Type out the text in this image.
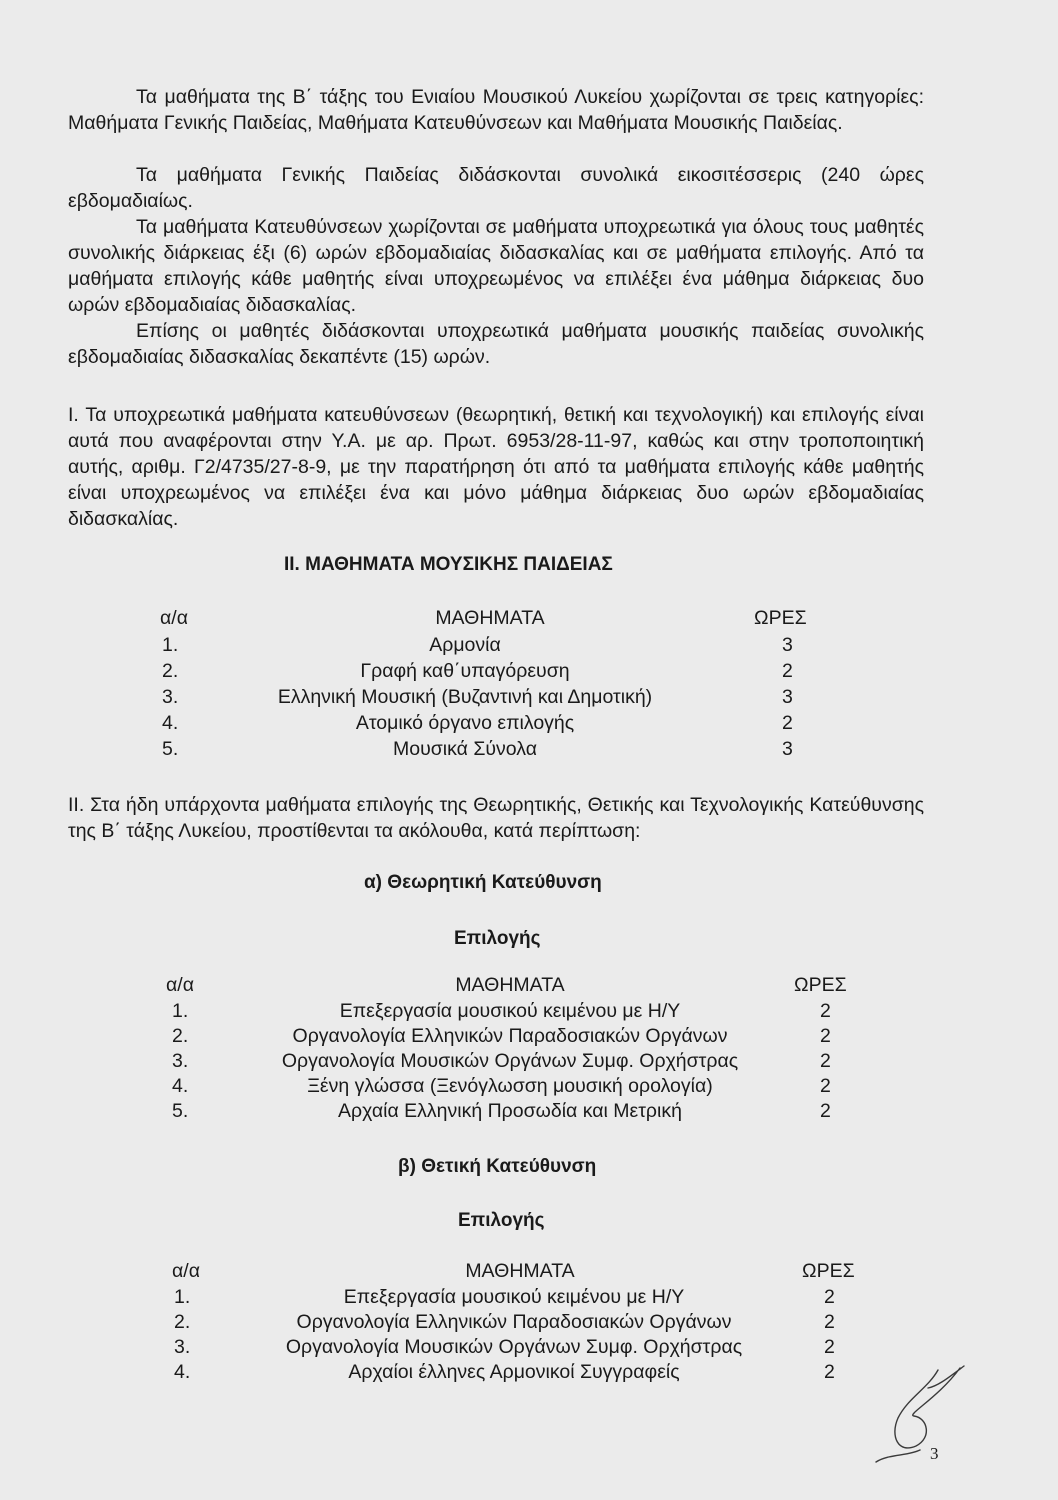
Τα μαθήματα της Β΄ τάξης του Ενιαίου Μουσικού Λυκείου χωρίζονται σε τρεις κατηγορίες: Μαθήματα Γενικής Παιδείας, Μαθήματα Κατευθύνσεων και Μαθήματα Μουσικής Παιδείας.

Τα μαθήματα Γενικής Παιδείας διδάσκονται συνολικά εικοσιτέσσερις (240 ώρες εβδομαδιαίως.

Τα μαθήματα Κατευθύνσεων χωρίζονται σε μαθήματα υποχρεωτικά για όλους τους μαθητές συνολικής διάρκειας έξι (6) ωρών εβδομαδιαίας διδασκαλίας και σε μαθήματα επιλογής. Από τα μαθήματα επιλογής κάθε μαθητής είναι υποχρεωμένος να επιλέξει ένα μάθημα διάρκειας δυο ωρών εβδομαδιαίας διδασκαλίας.

Επίσης οι μαθητές διδάσκονται υποχρεωτικά μαθήματα μουσικής παιδείας συνολικής εβδομαδιαίας διδασκαλίας δεκαπέντε (15) ωρών.

Ι. Τα υποχρεωτικά μαθήματα κατευθύνσεων (θεωρητική, θετική και τεχνολογική) και επιλογής είναι αυτά που αναφέρονται στην Υ.Α. με αρ. Πρωτ. 6953/28-11-97, καθώς και στην τροποποιητική αυτής, αριθμ. Γ2/4735/27-8-9, με την παρατήρηση ότι από τα μαθήματα επιλογής κάθε μαθητής είναι υποχρεωμένος να επιλέξει ένα και μόνο μάθημα διάρκειας δυο ωρών εβδομαδιαίας διδασκαλίας.

ΙΙ. ΜΑΘΗΜΑΤΑ ΜΟΥΣΙΚΗΣ ΠΑΙΔΕΙΑΣ
α/α	ΜΑΘΗΜΑΤΑ	ΩΡΕΣ
1.	Αρμονία	3
2.	Γραφή καθ΄υπαγόρευση	2
3.	Ελληνική Μουσική (Βυζαντινή και Δημοτική)	3
4.	Ατομικό όργανο επιλογής	2
5.	Μουσικά Σύνολα	3

ΙΙ. Στα ήδη υπάρχοντα μαθήματα επιλογής της Θεωρητικής, Θετικής και Τεχνολογικής Κατεύθυνσης της Β΄ τάξης Λυκείου, προστίθενται τα ακόλουθα, κατά περίπτωση:

α) Θεωρητική Κατεύθυνση
Επιλογής
α/α	ΜΑΘΗΜΑΤΑ	ΩΡΕΣ
1.	Επεξεργασία μουσικού κειμένου με Η/Υ	2
2.	Οργανολογία Ελληνικών Παραδοσιακών Οργάνων	2
3.	Οργανολογία Μουσικών Οργάνων Συμφ. Ορχήστρας	2
4.	Ξένη γλώσσα (Ξενόγλωσση μουσική ορολογία)	2
5.	Αρχαία Ελληνική Προσωδία και Μετρική	2
β) Θετική Κατεύθυνση
Επιλογής
α/α	ΜΑΘΗΜΑΤΑ	ΩΡΕΣ
1.	Επεξεργασία μουσικού κειμένου με Η/Υ	2
2.	Οργανολογία Ελληνικών Παραδοσιακών Οργάνων	2
3.	Οργανολογία Μουσικών Οργάνων Συμφ. Ορχήστρας	2
4.	Αρχαίοι έλληνες Αρμονικοί Συγγραφείς	2
3
